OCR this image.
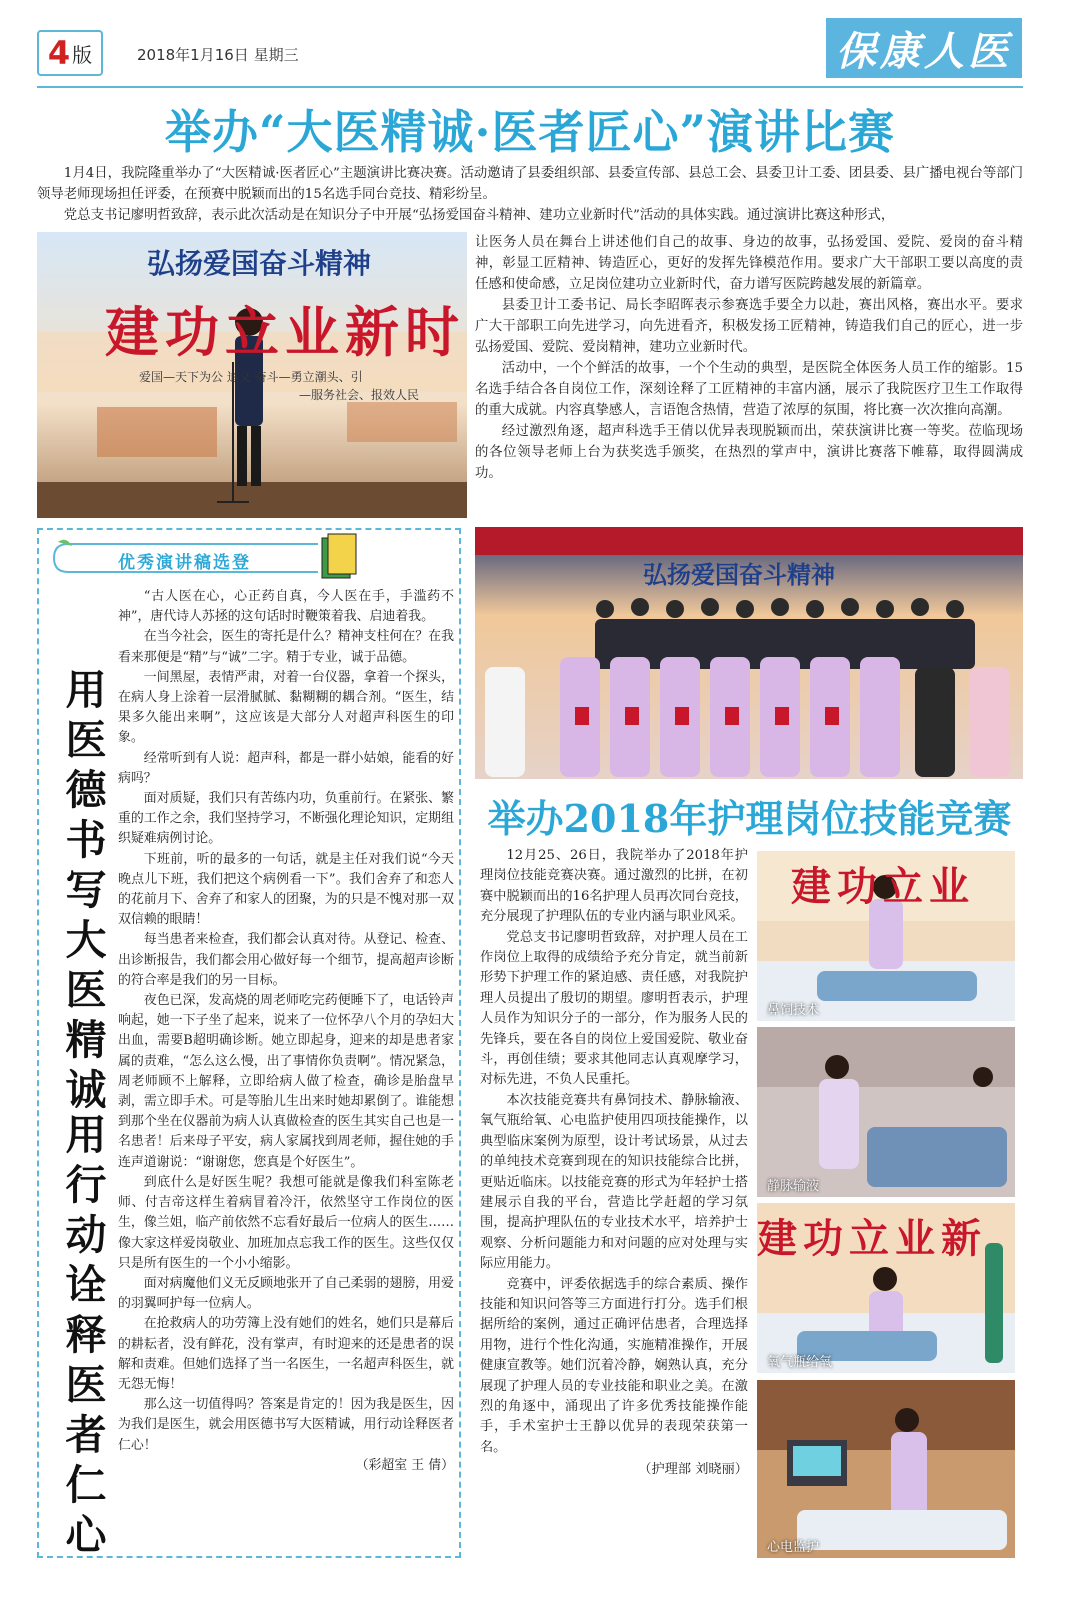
4 版	2018年1月16日 星期三	保康人医
举办“大医精诚·医者匠心”演讲比赛

1月4日，我院隆重举办了“大医精诚·医者匠心”主题演讲比赛决赛。活动邀请了县委组织部、县委宣传部、县总工会、县委卫计工委、团县委、县广播电视台等部门领导老师现场担任评委，在预赛中脱颖而出的15名选手同台竞技、精彩纷呈。

党总支书记廖明哲致辞，表示此次活动是在知识分子中开展“弘扬爱国奋斗精神、建功立业新时代”活动的具体实践。通过演讲比赛这种形式，

弘扬爱国奋斗精神
建功立业新时
爱国—天下为公 道义 奋斗—勇立潮头、引
—服务社会、报效人民

让医务人员在舞台上讲述他们自己的故事、身边的故事，弘扬爱国、爱院、爱岗的奋斗精神，彰显工匠精神、铸造匠心，更好的发挥先锋模范作用。要求广大干部职工要以高度的责任感和使命感，立足岗位建功立业新时代，奋力谱写医院跨越发展的新篇章。

县委卫计工委书记、局长李昭晖表示参赛选手要全力以赴，赛出风格，赛出水平。要求广大干部职工向先进学习，向先进看齐，积极发扬工匠精神，铸造我们自己的匠心，进一步弘扬爱国、爱院、爱岗精神，建功立业新时代。

活动中，一个个鲜活的故事，一个个生动的典型，是医院全体医务人员工作的缩影。15名选手结合各自岗位工作，深刻诠释了工匠精神的丰富内涵，展示了我院医疗卫生工作取得的重大成就。内容真挚感人，言语饱含热情，营造了浓厚的氛围，将比赛一次次推向高潮。

经过激烈角逐，超声科选手王倩以优异表现脱颖而出，荣获演讲比赛一等奖。莅临现场的各位领导老师上台为获奖选手颁奖，在热烈的掌声中，演讲比赛落下帷幕，取得圆满成功。

弘扬爱国奋斗精神
优秀演讲稿选登
用医德书写大医精诚
用行动诠释医者仁心

“古人医在心，心正药自真，今人医在手，手滥药不神”，唐代诗人苏拯的这句话时时鞭策着我、启迪着我。

在当今社会，医生的寄托是什么？精神支柱何在？在我看来那便是“精”与“诚”二字。精于专业，诚于品德。

一间黑屋，表情严肃，对着一台仪器，拿着一个探头，在病人身上涂着一层滑腻腻、黏糊糊的耦合剂。“医生，结果多久能出来啊”，这应该是大部分人对超声科医生的印象。

经常听到有人说：超声科，都是一群小姑娘，能看的好病吗？

面对质疑，我们只有苦练内功，负重前行。在紧张、繁重的工作之余，我们坚持学习，不断强化理论知识，定期组织疑难病例讨论。

下班前，听的最多的一句话，就是主任对我们说“今天晚点儿下班，我们把这个病例看一下”。我们舍弃了和恋人的花前月下、舍弃了和家人的团聚，为的只是不愧对那一双双信赖的眼睛！

每当患者来检查，我们都会认真对待。从登记、检查、出诊断报告，我们都会用心做好每一个细节，提高超声诊断的符合率是我们的另一目标。

夜色已深，发高烧的周老师吃完药便睡下了，电话铃声响起，她一下子坐了起来，说来了一位怀孕八个月的孕妇大出血，需要B超明确诊断。她立即起身，迎来的却是患者家属的责难，“怎么这么慢，出了事情你负责啊”。情况紧急，周老师顾不上解释，立即给病人做了检查，确诊是胎盘早剥，需立即手术。可是等胎儿生出来时她却累倒了。谁能想到那个坐在仪器前为病人认真做检查的医生其实自己也是一名患者！后来母子平安，病人家属找到周老师，握住她的手连声道谢说：“谢谢您，您真是个好医生”。

到底什么是好医生呢？我想可能就是像我们科室陈老师、付吉帝这样生着病冒着冷汗，依然坚守工作岗位的医生，像兰姐，临产前依然不忘看好最后一位病人的医生……像大家这样爱岗敬业、加班加点忘我工作的医生。这些仅仅只是所有医生的一个小小缩影。

面对病魔他们义无反顾地张开了自己柔弱的翅膀，用爱的羽翼呵护每一位病人。

在抢救病人的功劳簿上没有她们的姓名，她们只是幕后的耕耘者，没有鲜花，没有掌声，有时迎来的还是患者的误解和责难。但她们选择了当一名医生，一名超声科医生，就无怨无悔！

那么这一切值得吗？答案是肯定的！因为我是医生，因为我们是医生，就会用医德书写大医精诚，用行动诠释医者仁心！

（彩超室 王 倩）
举办2018年护理岗位技能竞赛

12月25、26日，我院举办了2018年护理岗位技能竞赛决赛。通过激烈的比拼，在初赛中脱颖而出的16名护理人员再次同台竞技，充分展现了护理队伍的专业内涵与职业风采。

党总支书记廖明哲致辞，对护理人员在工作岗位上取得的成绩给予充分肯定，就当前新形势下护理工作的紧迫感、责任感，对我院护理人员提出了殷切的期望。廖明哲表示，护理人员作为知识分子的一部分，作为服务人民的先锋兵，要在各自的岗位上爱国爱院、敬业奋斗，再创佳绩；要求其他同志认真观摩学习，对标先进，不负人民重托。

本次技能竞赛共有鼻饲技术、静脉输液、氧气瓶给氧、心电监护使用四项技能操作，以典型临床案例为原型，设计考试场景，从过去的单纯技术竞赛到现在的知识技能综合比拼，更贴近临床。以技能竞赛的形式为年轻护士搭建展示自我的平台，营造比学赶超的学习氛围，提高护理队伍的专业技术水平，培养护士观察、分析问题能力和对问题的应对处理与实际应用能力。

竞赛中，评委依据选手的综合素质、操作技能和知识问答等三方面进行打分。选手们根据所给的案例，通过正确评估患者，合理选择用物，进行个性化沟通，实施精准操作，开展健康宣教等。她们沉着冷静，娴熟认真，充分展现了护理人员的专业技能和职业之美。在激烈的角逐中，涌现出了许多优秀技能操作能手，手术室护士王静以优异的表现荣获第一名。

（护理部 刘晓丽）
建功立业
鼻饲技术
静脉输液
建功立业新
氧气瓶给氧
心电监护
